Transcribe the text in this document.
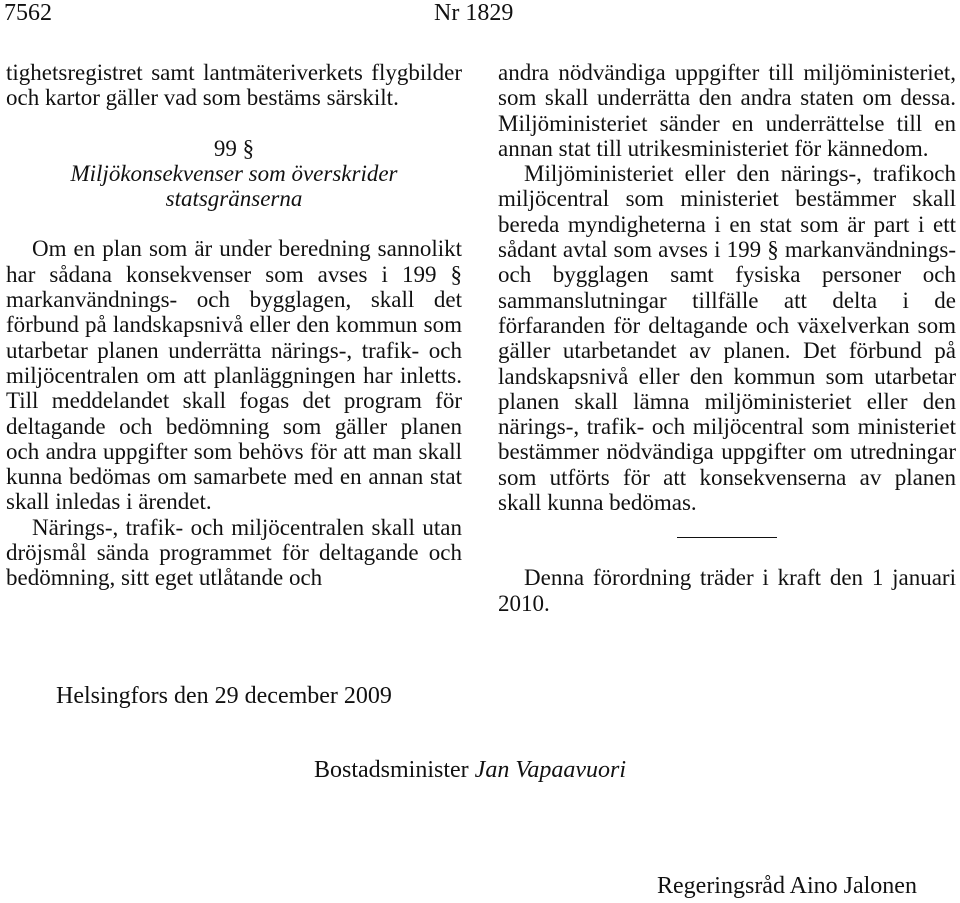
7562	Nr 1829

tighetsregistret samt lantmäteriverkets flygbilder och kartor gäller vad som bestäms särskilt.

99 §

Miljökonsekvenser som överskrider statsgränserna

Om en plan som är under beredning sannolikt har sådana konsekvenser som avses i 199 § markanvändnings- och bygglagen, skall det förbund på landskapsnivå eller den kommun som utarbetar planen underrätta närings-, trafik- och miljöcentralen om att planläggningen har inletts. Till meddelandet skall fogas det program för deltagande och bedömning som gäller planen och andra uppgifter som behövs för att man skall kunna bedömas om samarbete med en annan stat skall inledas i ärendet.

Närings-, trafik- och miljöcentralen skall utan dröjsmål sända programmet för deltagande och bedömning, sitt eget utlåtande och

andra nödvändiga uppgifter till miljöministeriet, som skall underrätta den andra staten om dessa. Miljöministeriet sänder en underrättelse till en annan stat till utrikesministeriet för kännedom.

Miljöministeriet eller den närings-, trafikoch miljöcentral som ministeriet bestämmer skall bereda myndigheterna i en stat som är part i ett sådant avtal som avses i 199 § markanvändnings- och bygglagen samt fysiska personer och sammanslutningar tillfälle att delta i de förfaranden för deltagande och växelverkan som gäller utarbetandet av planen. Det förbund på landskapsnivå eller den kommun som utarbetar planen skall lämna miljöministeriet eller den närings-, trafik- och miljöcentral som ministeriet bestämmer nödvändiga uppgifter om utredningar som utförts för att konsekvenserna av planen skall kunna bedömas.

Denna förordning träder i kraft den 1 januari 2010.

Helsingfors den 29 december 2009
Bostadsminister Jan Vapaavuori
Regeringsråd Aino Jalonen
